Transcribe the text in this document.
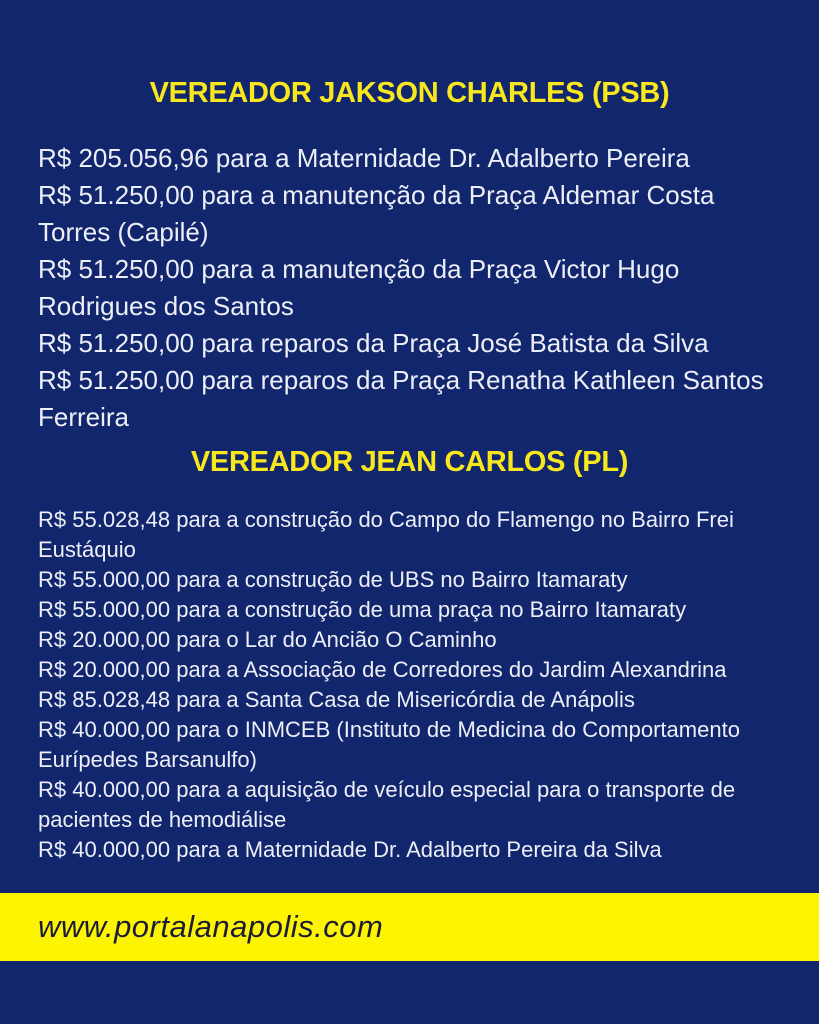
VEREADOR JAKSON CHARLES (PSB)

R$ 205.056,96 para a Maternidade Dr. Adalberto Pereira

R$ 51.250,00 para a manutenção da Praça Aldemar Costa Torres (Capilé)

R$ 51.250,00 para a manutenção da Praça Victor Hugo Rodrigues dos Santos

R$ 51.250,00 para reparos da Praça José Batista da Silva

R$ 51.250,00 para reparos da Praça Renatha Kathleen Santos Ferreira

VEREADOR JEAN CARLOS (PL)

R$ 55.028,48 para a construção do Campo do Flamengo no Bairro Frei Eustáquio

R$ 55.000,00 para a construção de UBS no Bairro Itamaraty

R$ 55.000,00 para a construção de uma praça no Bairro Itamaraty

R$ 20.000,00 para o Lar do Ancião O Caminho

R$ 20.000,00 para a Associação de Corredores do Jardim Alexandrina

R$ 85.028,48 para a Santa Casa de Misericórdia de Anápolis

R$ 40.000,00 para o INMCEB (Instituto de Medicina do Comportamento Eurípedes Barsanulfo)

R$ 40.000,00 para a aquisição de veículo especial para o transporte de pacientes de hemodiálise

R$ 40.000,00 para a Maternidade Dr. Adalberto Pereira da Silva

www.portalanapolis.com
